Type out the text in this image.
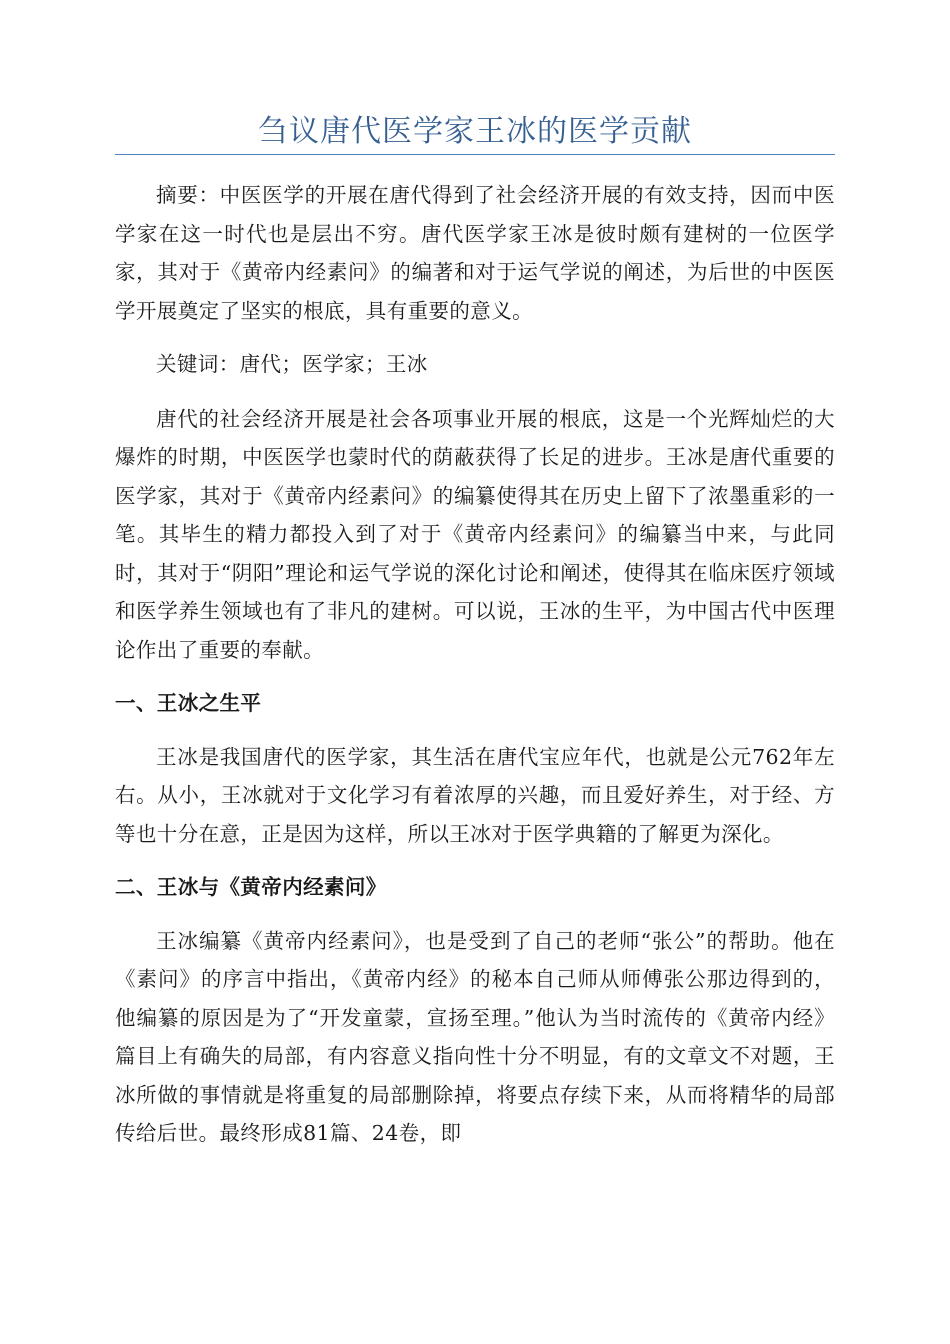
刍议唐代医学家王冰的医学贡献

摘要：中医医学的开展在唐代得到了社会经济开展的有效支持，因而中医学家在这一时代也是层出不穷。唐代医学家王冰是彼时颇有建树的一位医学家，其对于《黄帝内经素问》的编著和对于运气学说的阐述，为后世的中医医学开展奠定了坚实的根底，具有重要的意义。

关键词：唐代；医学家；王冰

唐代的社会经济开展是社会各项事业开展的根底，这是一个光辉灿烂的大爆炸的时期，中医医学也蒙时代的荫蔽获得了长足的进步。王冰是唐代重要的医学家，其对于《黄帝内经素问》的编纂使得其在历史上留下了浓墨重彩的一笔。其毕生的精力都投入到了对于《黄帝内经素问》的编纂当中来，与此同时，其对于“阴阳”理论和运气学说的深化讨论和阐述，使得其在临床医疗领域和医学养生领域也有了非凡的建树。可以说，王冰的生平，为中国古代中医理论作出了重要的奉献。

一、王冰之生平

王冰是我国唐代的医学家，其生活在唐代宝应年代，也就是公元762年左右。从小，王冰就对于文化学习有着浓厚的兴趣，而且爱好养生，对于经、方等也十分在意，正是因为这样，所以王冰对于医学典籍的了解更为深化。

二、王冰与《黄帝内经素问》

王冰编纂《黄帝内经素问》，也是受到了自己的老师“张公”的帮助。他在《素问》的序言中指出，《黄帝内经》的秘本自己师从师傅张公那边得到的，他编纂的原因是为了“开发童蒙，宣扬至理。”他认为当时流传的《黄帝内经》篇目上有确失的局部，有内容意义指向性十分不明显，有的文章文不对题，王冰所做的事情就是将重复的局部删除掉，将要点存续下来，从而将精华的局部传给后世。最终形成81篇、24卷，即
